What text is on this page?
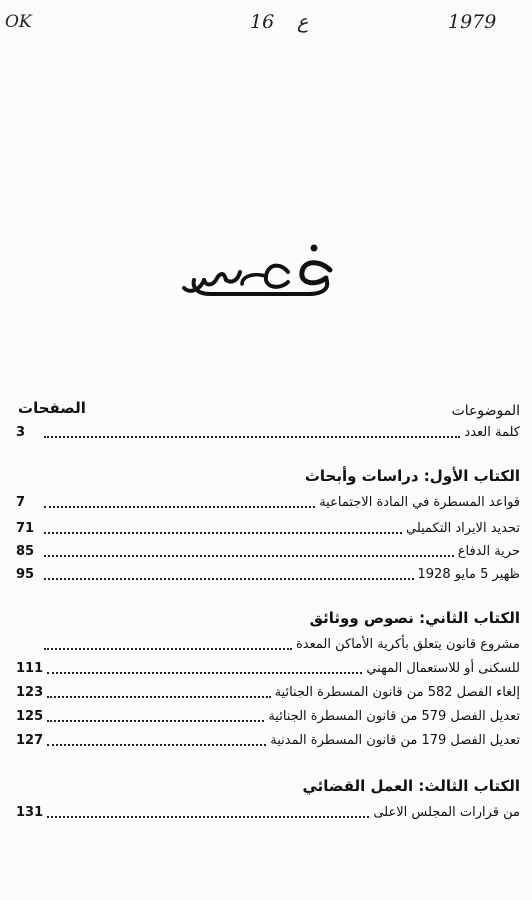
OK	16 ع	1979
الموضوعات
الصفحات
كلمة العدد
3
الكتاب الأول: دراسات وأبحاث
قواعد المسطرة في المادة الاجتماعية
7
تحديد الايراد التكميلي
71
حرية الدفاع
85
ظهير 5 مايو 1928
95
الكتاب الثاني: نصوص ووثائق
مشروع قانون يتعلق بأكرية الأماكن المعدة
للسكنى أو للاستعمال المهني
111
إلغاء الفصل 582 من قانون المسطرة الجنائية
123
تعديل الفصل 579 من قانون المسطرة الجنائية
125
تعديل الفصل 179 من قانون المسطرة المدنية
127
الكتاب الثالث: العمل القضائي
من قرارات المجلس الاعلى
131
